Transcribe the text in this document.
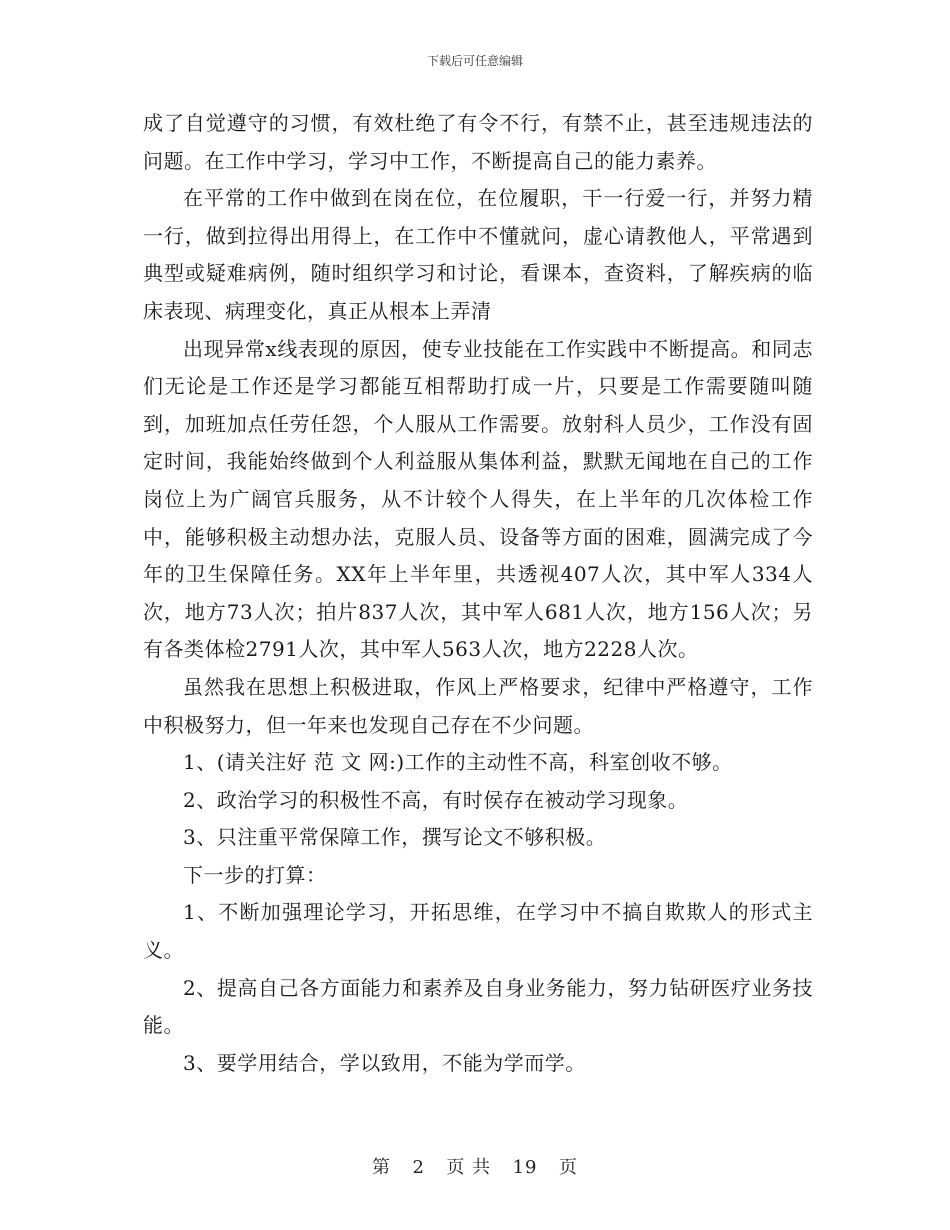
下载后可任意编辑

成了自觉遵守的习惯，有效杜绝了有令不行，有禁不止，甚至违规违法的问题。在工作中学习，学习中工作，不断提高自己的能力素养。

在平常的工作中做到在岗在位，在位履职，干一行爱一行，并努力精一行，做到拉得出用得上，在工作中不懂就问，虚心请教他人，平常遇到典型或疑难病例，随时组织学习和讨论，看课本，查资料，了解疾病的临床表现、病理变化，真正从根本上弄清

出现异常x线表现的原因，使专业技能在工作实践中不断提高。和同志们无论是工作还是学习都能互相帮助打成一片，只要是工作需要随叫随到，加班加点任劳任怨，个人服从工作需要。放射科人员少，工作没有固定时间，我能始终做到个人利益服从集体利益，默默无闻地在自己的工作岗位上为广阔官兵服务，从不计较个人得失，在上半年的几次体检工作中，能够积极主动想办法，克服人员、设备等方面的困难，圆满完成了今年的卫生保障任务。XX年上半年里，共透视407人次，其中军人334人次，地方73人次；拍片837人次，其中军人681人次，地方156人次；另有各类体检2791人次，其中军人563人次，地方2228人次。

虽然我在思想上积极进取，作风上严格要求，纪律中严格遵守，工作中积极努力，但一年来也发现自己存在不少问题。

1、(请关注好 范 文 网:)工作的主动性不高，科室创收不够。

2、政治学习的积极性不高，有时侯存在被动学习现象。

3、只注重平常保障工作，撰写论文不够积极。

下一步的打算：

1、不断加强理论学习，开拓思维，在学习中不搞自欺欺人的形式主义。

2、提高自己各方面能力和素养及自身业务能力，努力钻研医疗业务技能。

3、要学用结合，学以致用，不能为学而学。

第 2 页 共 19 页
